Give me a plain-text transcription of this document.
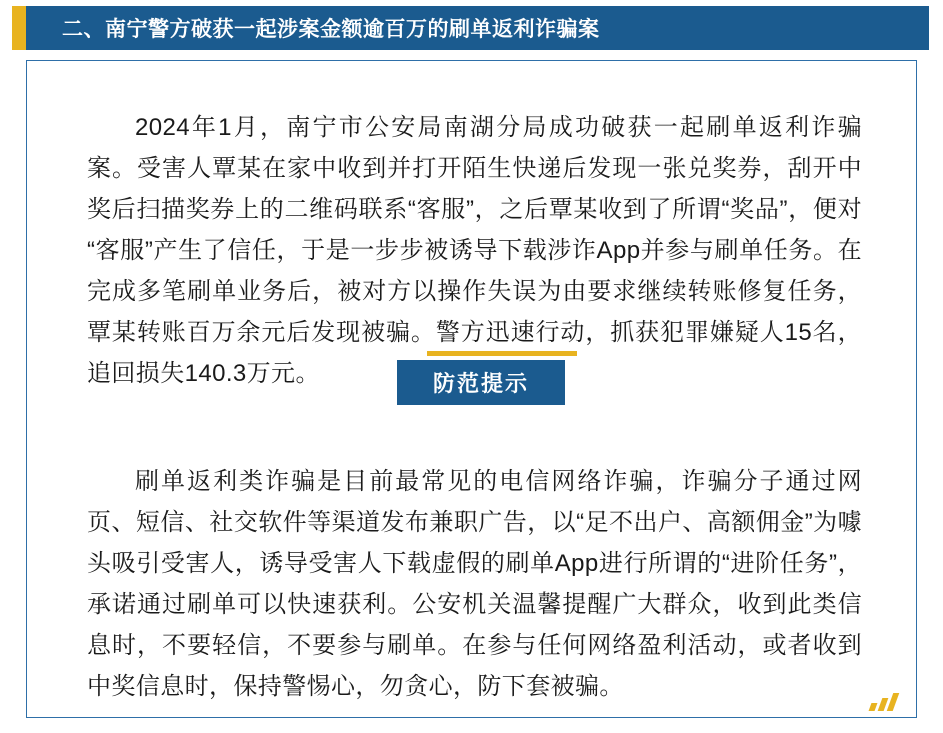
二、南宁警方破获一起涉案金额逾百万的刷单返利诈骗案
2024年1月，南宁市公安局南湖分局成功破获一起刷单返利诈骗案。受害人覃某在家中收到并打开陌生快递后发现一张兑奖券，刮开中奖后扫描奖券上的二维码联系“客服”，之后覃某收到了所谓“奖品”，便对“客服”产生了信任，于是一步步被诱导下载涉诈App并参与刷单任务。在完成多笔刷单业务后，被对方以操作失误为由要求继续转账修复任务，覃某转账百万余元后发现被骗。警方迅速行动，抓获犯罪嫌疑人15名，追回损失140.3万元。	防范提示
刷单返利类诈骗是目前最常见的电信网络诈骗，诈骗分子通过网页、短信、社交软件等渠道发布兼职广告，以“足不出户、高额佣金”为噱头吸引受害人，诱导受害人下载虚假的刷单App进行所谓的“进阶任务”，承诺通过刷单可以快速获利。公安机关温馨提醒广大群众，收到此类信息时，不要轻信，不要参与刷单。在参与任何网络盈利活动，或者收到中奖信息时，保持警惕心，勿贪心，防下套被骗。
